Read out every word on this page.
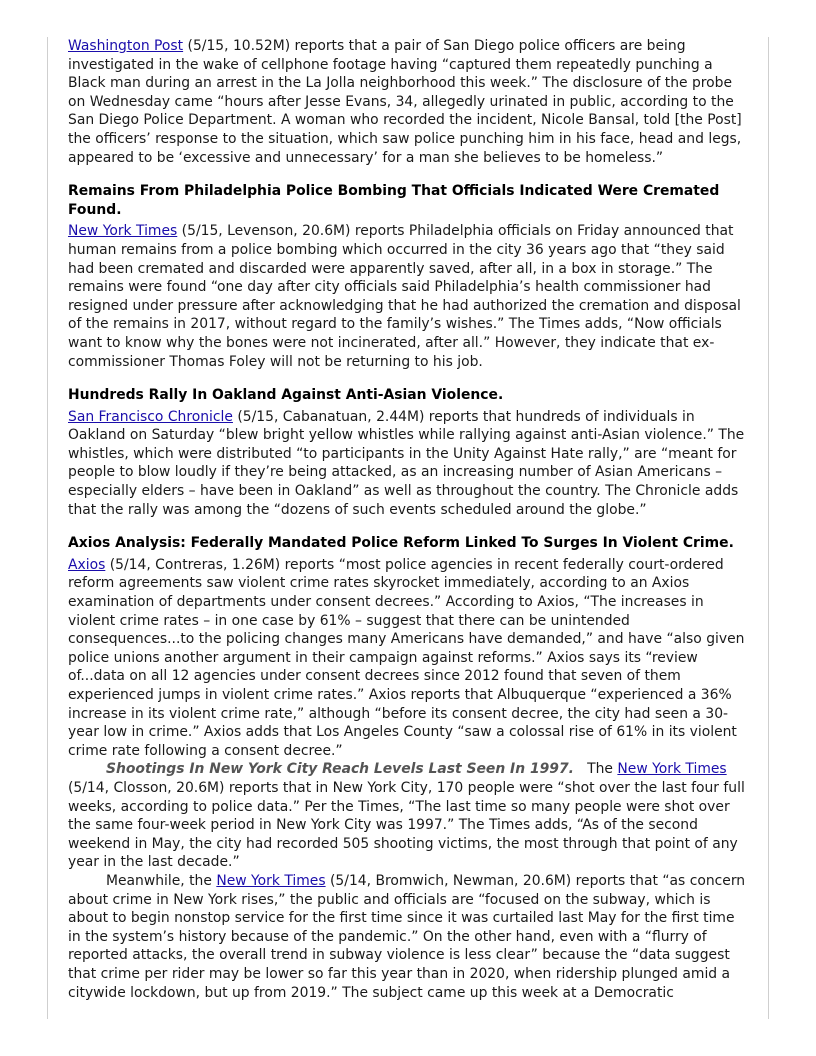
Washington Post (5/15, 10.52M) reports that a pair of San Diego police officers are being investigated in the wake of cellphone footage having “captured them repeatedly punching a Black man during an arrest in the La Jolla neighborhood this week.” The disclosure of the probe on Wednesday came “hours after Jesse Evans, 34, allegedly urinated in public, according to the San Diego Police Department. A woman who recorded the incident, Nicole Bansal, told [the Post] the officers’ response to the situation, which saw police punching him in his face, head and legs, appeared to be ‘excessive and unnecessary’ for a man she believes to be homeless.”

Remains From Philadelphia Police Bombing That Officials Indicated Were Cremated Found.

New York Times (5/15, Levenson, 20.6M) reports Philadelphia officials on Friday announced that human remains from a police bombing which occurred in the city 36 years ago that “they said had been cremated and discarded were apparently saved, after all, in a box in storage.” The remains were found “one day after city officials said Philadelphia’s health commissioner had resigned under pressure after acknowledging that he had authorized the cremation and disposal of the remains in 2017, without regard to the family’s wishes.” The Times adds, “Now officials want to know why the bones were not incinerated, after all.” However, they indicate that ex-commissioner Thomas Foley will not be returning to his job.

Hundreds Rally In Oakland Against Anti-Asian Violence.

San Francisco Chronicle (5/15, Cabanatuan, 2.44M) reports that hundreds of individuals in Oakland on Saturday “blew bright yellow whistles while rallying against anti-Asian violence.” The whistles, which were distributed “to participants in the Unity Against Hate rally,” are “meant for people to blow loudly if they’re being attacked, as an increasing number of Asian Americans – especially elders – have been in Oakland” as well as throughout the country. The Chronicle adds that the rally was among the “dozens of such events scheduled around the globe.”

Axios Analysis: Federally Mandated Police Reform Linked To Surges In Violent Crime.

Axios (5/14, Contreras, 1.26M) reports “most police agencies in recent federally court-ordered reform agreements saw violent crime rates skyrocket immediately, according to an Axios examination of departments under consent decrees.” According to Axios, “The increases in violent crime rates – in one case by 61% – suggest that there can be unintended consequences...to the policing changes many Americans have demanded,” and have “also given police unions another argument in their campaign against reforms.” Axios says its “review of...data on all 12 agencies under consent decrees since 2012 found that seven of them experienced jumps in violent crime rates.” Axios reports that Albuquerque “experienced a 36% increase in its violent crime rate,” although “before its consent decree, the city had seen a 30-year low in crime.” Axios adds that Los Angeles County “saw a colossal rise of 61% in its violent crime rate following a consent decree.”

Shootings In New York City Reach Levels Last Seen In 1997.   The New York Times (5/14, Closson, 20.6M) reports that in New York City, 170 people were “shot over the last four full weeks, according to police data.” Per the Times, “The last time so many people were shot over the same four-week period in New York City was 1997.” The Times adds, “As of the second weekend in May, the city had recorded 505 shooting victims, the most through that point of any year in the last decade.”

Meanwhile, the New York Times (5/14, Bromwich, Newman, 20.6M) reports that “as concern about crime in New York rises,” the public and officials are “focused on the subway, which is about to begin nonstop service for the first time since it was curtailed last May for the first time in the system’s history because of the pandemic.” On the other hand, even with a “flurry of reported attacks, the overall trend in subway violence is less clear” because the “data suggest that crime per rider may be lower so far this year than in 2020, when ridership plunged amid a citywide lockdown, but up from 2019.” The subject came up this week at a Democratic
